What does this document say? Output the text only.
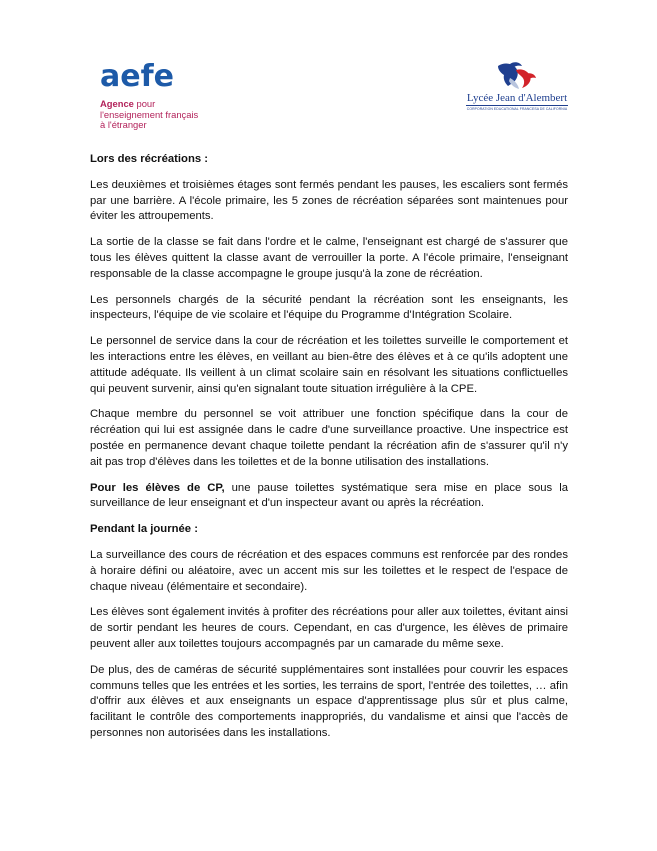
aefe
Agence pour
l'enseignement français
à l'étranger
Lycée Jean d'Alembert
CORPORATION EDUCATIONAL FRANCESA DE CALIFORNIA

Lors des récréations :

Les deuxièmes et troisièmes étages sont fermés pendant les pauses, les escaliers sont fermés par une barrière. A l'école primaire, les 5 zones de récréation séparées sont maintenues pour éviter les attroupements.

La sortie de la classe se fait dans l'ordre et le calme, l'enseignant est chargé de s'assurer que tous les élèves quittent la classe avant de verrouiller la porte. A l'école primaire, l'enseignant responsable de la classe accompagne le groupe jusqu'à la zone de récréation.

Les personnels chargés de la sécurité pendant la récréation sont les enseignants, les inspecteurs, l'équipe de vie scolaire et l'équipe du Programme d'Intégration Scolaire.

Le personnel de service dans la cour de récréation et les toilettes surveille le comportement et les interactions entre les élèves, en veillant au bien-être des élèves et à ce qu'ils adoptent une attitude adéquate. Ils veillent à un climat scolaire sain en résolvant les situations conflictuelles qui peuvent survenir, ainsi qu'en signalant toute situation irrégulière à la CPE.

Chaque membre du personnel se voit attribuer une fonction spécifique dans la cour de récréation qui lui est assignée dans le cadre d'une surveillance proactive. Une inspectrice est postée en permanence devant chaque toilette pendant la récréation afin de s'assurer qu'il n'y ait pas trop d'élèves dans les toilettes et de la bonne utilisation des installations.

Pour les élèves de CP, une pause toilettes systématique sera mise en place sous la surveillance de leur enseignant et d'un inspecteur avant ou après la récréation.

Pendant la journée :

La surveillance des cours de récréation et des espaces communs est renforcée par des rondes à horaire défini ou aléatoire, avec un accent mis sur les toilettes et le respect de l'espace de chaque niveau (élémentaire et secondaire).

Les élèves sont également invités à profiter des récréations pour aller aux toilettes, évitant ainsi de sortir pendant les heures de cours. Cependant, en cas d'urgence, les élèves de primaire peuvent aller aux toilettes toujours accompagnés par un camarade du même sexe.

De plus, des de caméras de sécurité supplémentaires sont installées pour couvrir les espaces communs telles que les entrées et les sorties, les terrains de sport, l'entrée des toilettes, … afin d'offrir aux élèves et aux enseignants un espace d'apprentissage plus sûr et plus calme, facilitant le contrôle des comportements inappropriés, du vandalisme et ainsi que l'accès de personnes non autorisées dans les installations.
